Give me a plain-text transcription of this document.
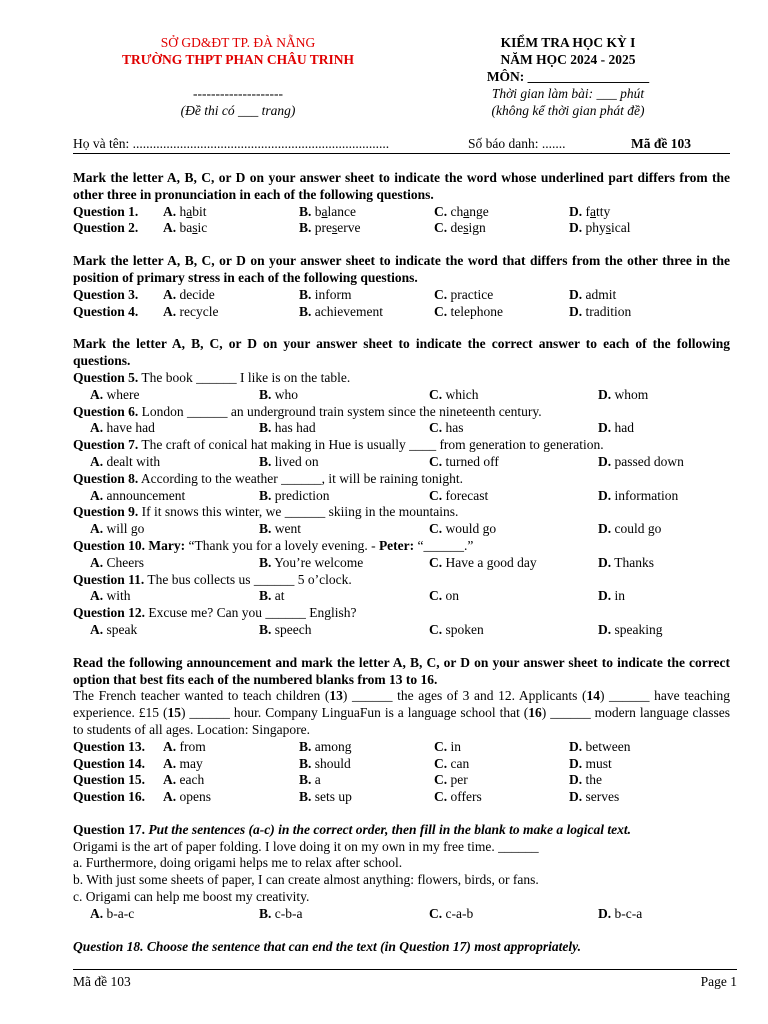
SỞ GD&ĐT TP. ĐÀ NẴNG
TRƯỜNG THPT PHAN CHÂU TRINH
--------------------
(Đề thi có ___ trang)
KIỂM TRA HỌC KỲ I
NĂM HỌC 2024 - 2025
MÔN: __________________
Thời gian làm bài: ___ phút
(không kể thời gian phát đề)
Họ và tên: ............................................................................	Số báo danh: .......	Mã đề 103

Mark the letter A, B, C, or D on your answer sheet to indicate the word whose underlined part differs from the other three in pronunciation in each of the following questions.

Question 1. A. habit	B. balance	C. change	D. fatty
Question 2. A. basic	B. preserve	C. design	D. physical

Mark the letter A, B, C, or D on your answer sheet to indicate the word that differs from the other three in the position of primary stress in each of the following questions.

Question 3. A. decide	B. inform	C. practice	D. admit
Question 4. A. recycle	B. achievement	C. telephone	D. tradition

Mark the letter A, B, C, or D on your answer sheet to indicate the correct answer to each of the following questions.

Question 5. The book ______ I like is on the table.
A. where	B. who	C. which	D. whom
Question 6. London ______ an underground train system since the nineteenth century.
A. have had	B. has had	C. has	D. had
Question 7. The craft of conical hat making in Hue is usually ____ from generation to generation.
A. dealt with	B. lived on	C. turned off	D. passed down
Question 8. According to the weather ______, it will be raining tonight.
A. announcement	B. prediction	C. forecast	D. information
Question 9. If it snows this winter, we ______ skiing in the mountains.
A. will go	B. went	C. would go	D. could go
Question 10. Mary: “Thank you for a lovely evening. - Peter: “______.”
A. Cheers	B. You’re welcome	C. Have a good day	D. Thanks
Question 11. The bus collects us ______ 5 o’clock.
A. with	B. at	C. on	D. in
Question 12. Excuse me? Can you ______ English?
A. speak	B. speech	C. spoken	D. speaking

Read the following announcement and mark the letter A, B, C, or D on your answer sheet to indicate the correct option that best fits each of the numbered blanks from 13 to 16.

The French teacher wanted to teach children (13) ______ the ages of 3 and 12. Applicants (14) ______ have teaching experience. £15 (15) ______ hour. Company LinguaFun is a language school that (16) ______ modern language classes to students of all ages. Location: Singapore.

Question 13. A. from	B. among	C. in	D. between
Question 14. A. may	B. should	C. can	D. must
Question 15. A. each	B. a	C. per	D. the
Question 16. A. opens	B. sets up	C. offers	D. serves
Question 17. Put the sentences (a-c) in the correct order, then fill in the blank to make a logical text.
Origami is the art of paper folding. I love doing it on my own in my free time. ______
a. Furthermore, doing origami helps me to relax after school.
b. With just some sheets of paper, I can create almost anything: flowers, birds, or fans.
c. Origami can help me boost my creativity.
A. b-a-c	B. c-b-a	C. c-a-b	D. b-c-a
Question 18. Choose the sentence that can end the text (in Question 17) most appropriately.
Mã đề 103	Page 1
